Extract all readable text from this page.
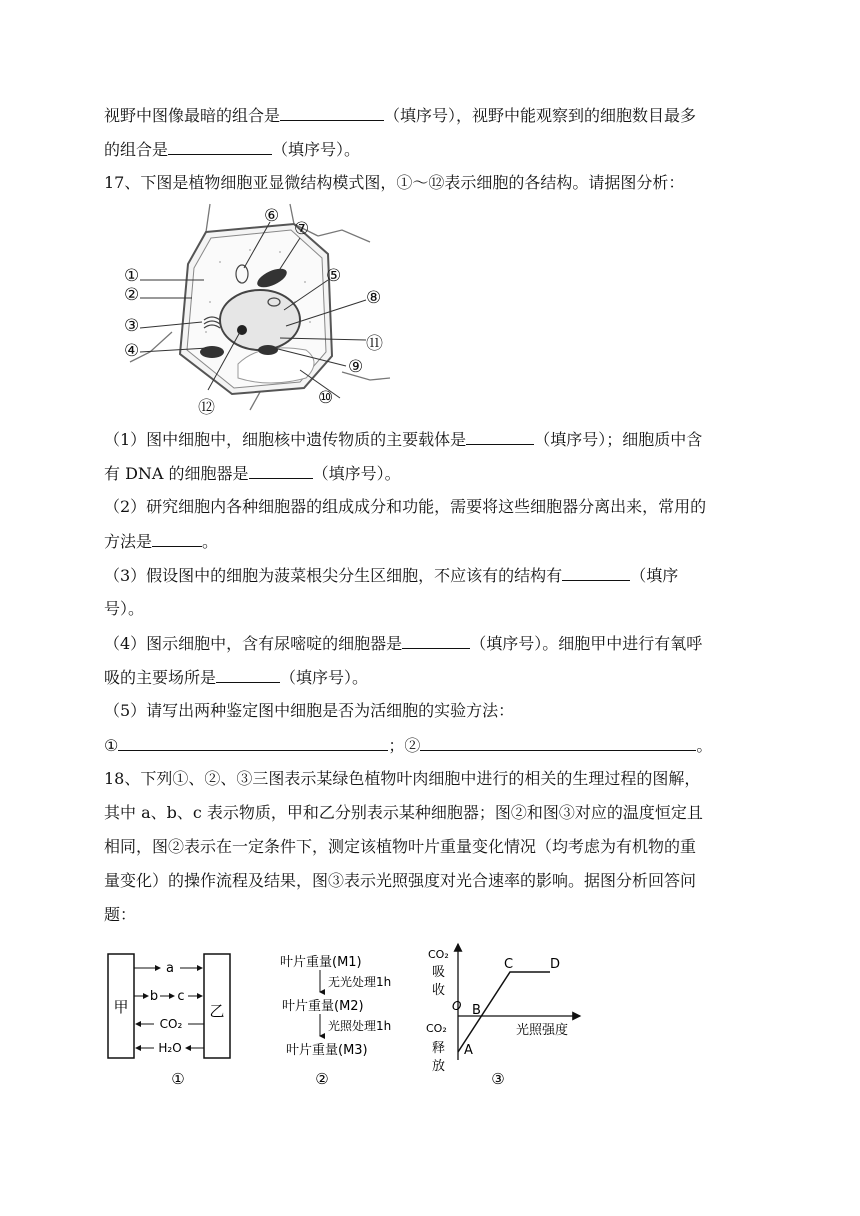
视野中图像最暗的组合是	（填序号），视野中能观察到的细胞数目最多
的组合是	（填序号）。
17、下图是植物细胞亚显微结构模式图，①～⑫表示细胞的各结构。请据图分析：
①
②
③
④
⑤
⑥
⑦
⑧
⑨
⑩
⑪
⑫
（1）图中细胞中，细胞核中遗传物质的主要载体是	（填序号）；细胞质中含
有 DNA 的细胞器是	（填序号）。
（2）研究细胞内各种细胞器的组成成分和功能，需要将这些细胞器分离出来，常用的
方法是	。
（3）假设图中的细胞为菠菜根尖分生区细胞，不应该有的结构有	（填序
号）。
（4）图示细胞中，含有尿嘧啶的细胞器是	（填序号）。细胞甲中进行有氧呼
吸的主要场所是	（填序号）。
（5）请写出两种鉴定图中细胞是否为活细胞的实验方法：
①	；②	。
18、下列①、②、③三图表示某绿色植物叶肉细胞中进行的相关的生理过程的图解，
其中 a、b、c 表示物质，甲和乙分别表示某种细胞器；图②和图③对应的温度恒定且
相同，图②表示在一定条件下，测定该植物叶片重量变化情况（均考虑为有机物的重
量变化）的操作流程及结果，图③表示光照强度对光合速率的影响。据图分析回答问
题：
甲	乙
a
b c
CO₂
H₂O
①
叶片重量(M1)
无光处理1h
叶片重量(M2)
光照处理1h
叶片重量(M3)
②
CO₂
吸
收
O
CO₂
释
放
光照强度
A
B
C	D
③
